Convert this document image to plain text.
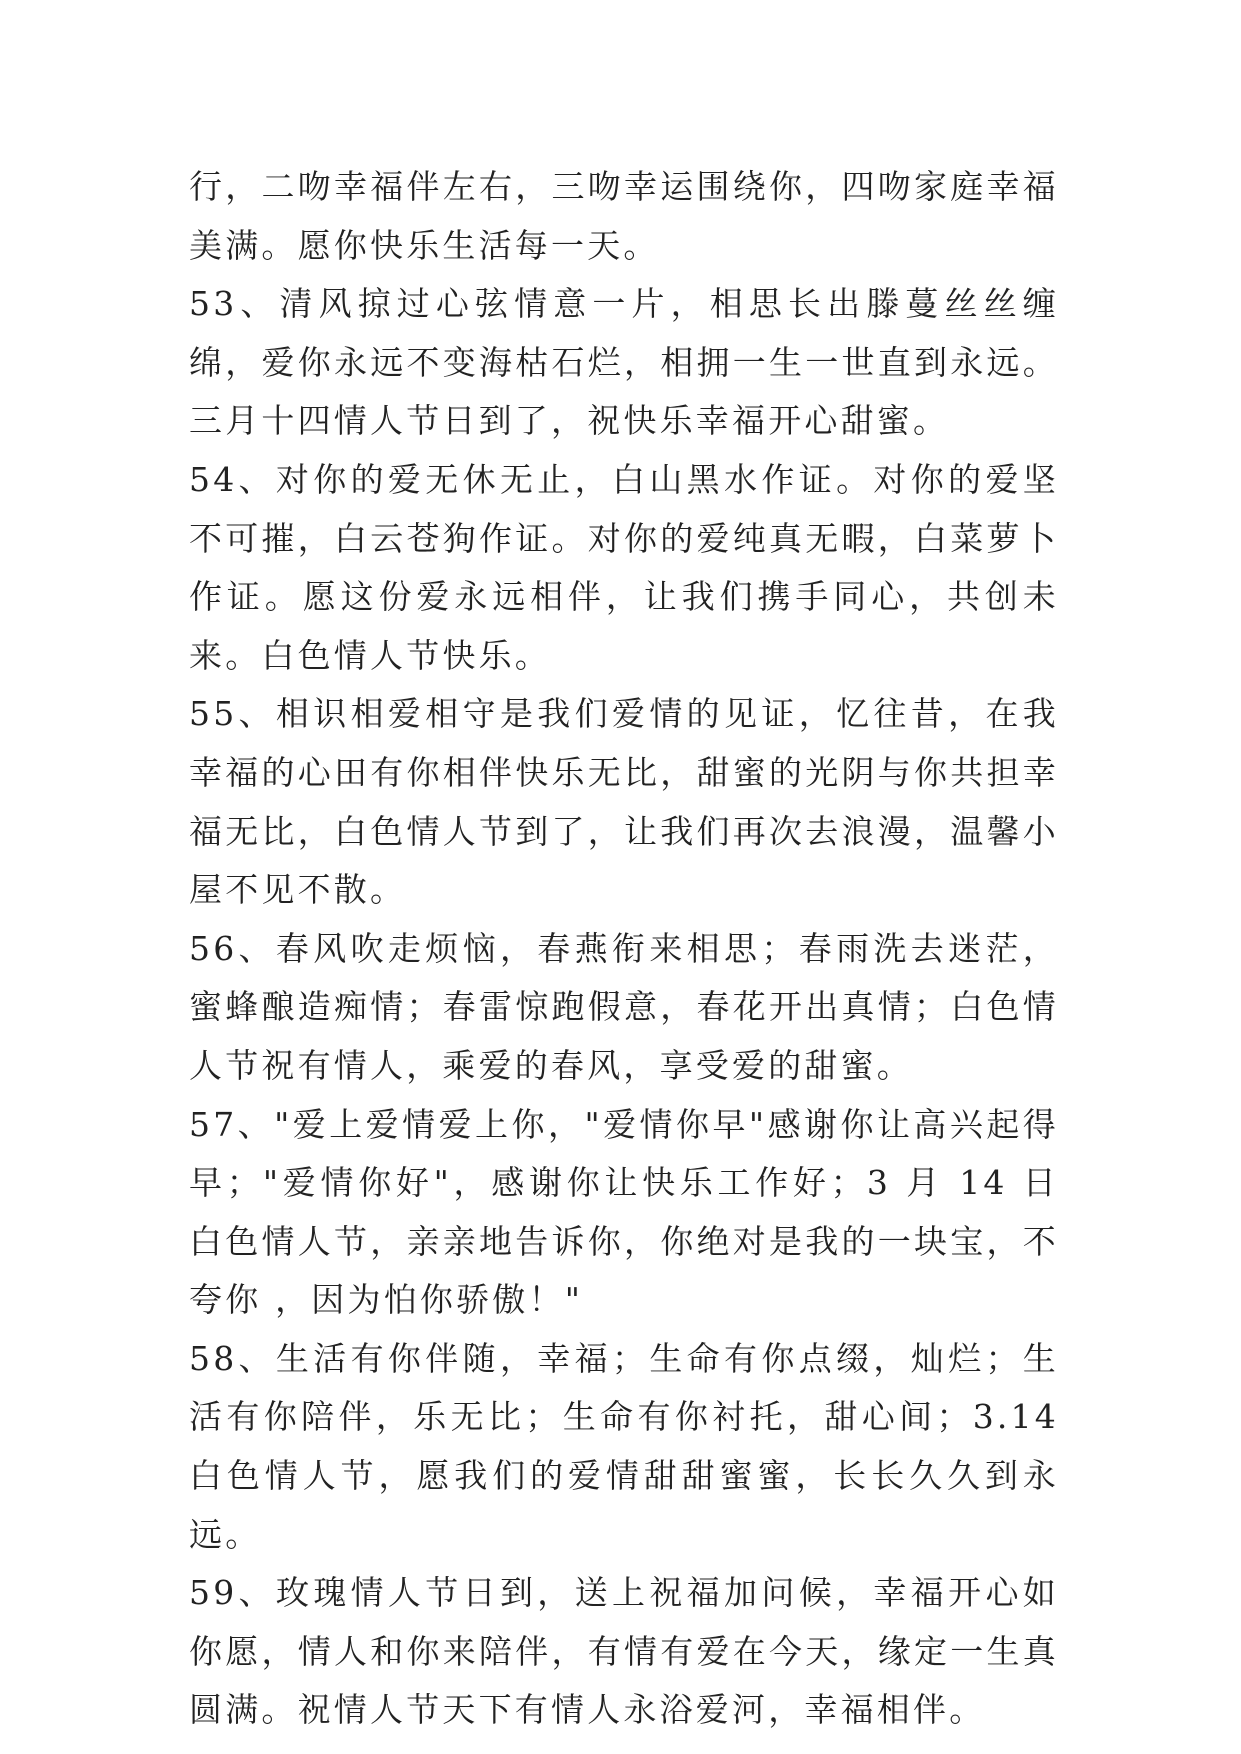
行，二吻幸福伴左右，三吻幸运围绕你，四吻家庭幸福美满。愿你快乐生活每一天。

53、清风掠过心弦情意一片，相思长出滕蔓丝丝缠绵，爱你永远不变海枯石烂，相拥一生一世直到永远。三月十四情人节日到了，祝快乐幸福开心甜蜜。

54、对你的爱无休无止，白山黑水作证。对你的爱坚不可摧，白云苍狗作证。对你的爱纯真无暇，白菜萝卜作证。愿这份爱永远相伴，让我们携手同心，共创未来。白色情人节快乐。

55、相识相爱相守是我们爱情的见证，忆往昔，在我幸福的心田有你相伴快乐无比，甜蜜的光阴与你共担幸福无比，白色情人节到了，让我们再次去浪漫，温馨小屋不见不散。

56、春风吹走烦恼，春燕衔来相思；春雨洗去迷茫，蜜蜂酿造痴情；春雷惊跑假意，春花开出真情；白色情人节祝有情人，乘爱的春风，享受爱的甜蜜。

57、"爱上爱情爱上你，"爱情你早"感谢你让高兴起得早；"爱情你好"，感谢你让快乐工作好；3 月 14 日白色情人节，亲亲地告诉你，你绝对是我的一块宝，不夸你 ，因为怕你骄傲！"

58、生活有你伴随，幸福；生命有你点缀，灿烂；生活有你陪伴，乐无比；生命有你衬托，甜心间；3.14 白色情人节，愿我们的爱情甜甜蜜蜜，长长久久到永远。

59、玫瑰情人节日到，送上祝福加问候，幸福开心如你愿，情人和你来陪伴，有情有爱在今天，缘定一生真圆满。祝情人节天下有情人永浴爱河，幸福相伴。
